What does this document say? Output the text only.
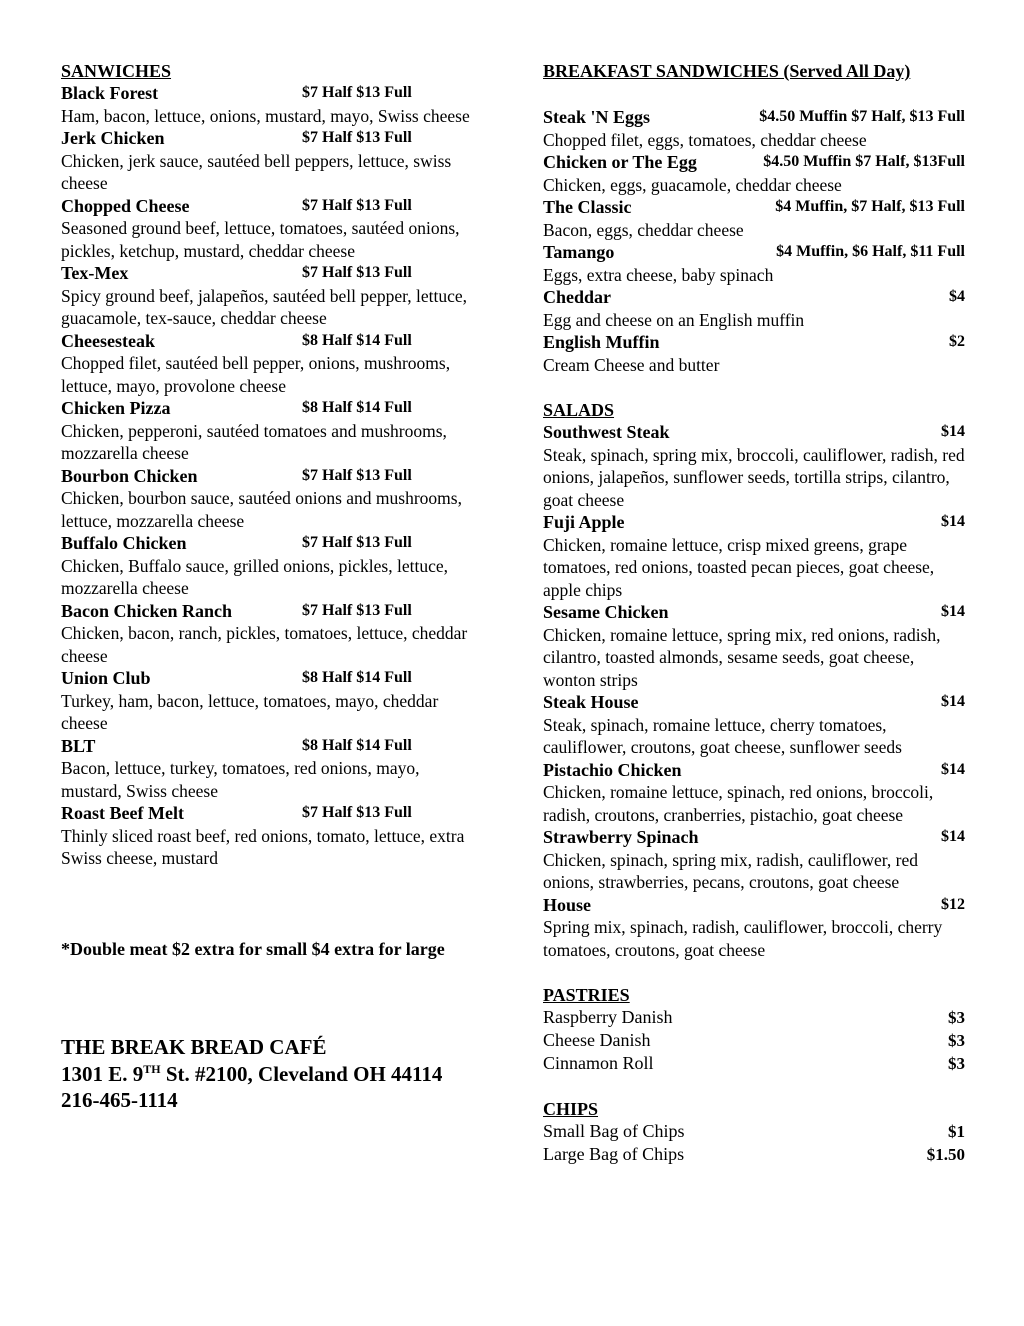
SANWICHES
Black Forest	$7 Half $13 Full
Ham, bacon, lettuce, onions, mustard, mayo, Swiss cheese
Jerk Chicken	$7 Half $13 Full
Chicken, jerk sauce, sautéed bell peppers, lettuce, swiss cheese
Chopped Cheese	$7 Half $13 Full
Seasoned ground beef, lettuce, tomatoes, sautéed onions, pickles, ketchup, mustard, cheddar cheese
Tex-Mex	$7 Half $13 Full
Spicy ground beef, jalapeños, sautéed bell pepper, lettuce, guacamole, tex-sauce, cheddar cheese
Cheesesteak	$8 Half $14 Full
Chopped filet, sautéed bell pepper, onions, mushrooms, lettuce, mayo, provolone cheese
Chicken Pizza	$8 Half $14 Full
Chicken, pepperoni, sautéed tomatoes and mushrooms, mozzarella cheese
Bourbon Chicken	$7 Half $13 Full
Chicken, bourbon sauce, sautéed onions and mushrooms, lettuce, mozzarella cheese
Buffalo Chicken	$7 Half $13 Full
Chicken, Buffalo sauce, grilled onions, pickles, lettuce, mozzarella cheese
Bacon Chicken Ranch	$7 Half $13 Full
Chicken, bacon, ranch, pickles, tomatoes, lettuce, cheddar cheese
Union Club	$8 Half $14 Full
Turkey, ham, bacon, lettuce, tomatoes, mayo, cheddar cheese
BLT	$8 Half $14 Full
Bacon, lettuce, turkey, tomatoes, red onions, mayo, mustard, Swiss cheese
Roast Beef Melt	$7 Half $13 Full
Thinly sliced roast beef, red onions, tomato, lettuce, extra Swiss cheese, mustard
*Double meat $2 extra for small $4 extra for large
THE BREAK BREAD CAFÉ
1301 E. 9TH St. #2100, Cleveland OH 44114
216-465-1114
BREAKFAST SANDWICHES (Served All Day)
Steak 'N Eggs	$4.50 Muffin $7 Half, $13 Full
Chopped filet, eggs, tomatoes, cheddar cheese
Chicken or The Egg	$4.50 Muffin $7 Half, $13Full
Chicken, eggs, guacamole, cheddar cheese
The Classic	$4 Muffin, $7 Half, $13 Full
Bacon, eggs, cheddar cheese
Tamango	$4 Muffin, $6 Half, $11 Full
Eggs, extra cheese, baby spinach
Cheddar	$4
Egg and cheese on an English muffin
English Muffin	$2
Cream Cheese and butter
SALADS
Southwest Steak	$14
Steak, spinach, spring mix, broccoli, cauliflower, radish, red onions, jalapeños, sunflower seeds, tortilla strips, cilantro, goat cheese
Fuji Apple	$14
Chicken, romaine lettuce, crisp mixed greens, grape tomatoes, red onions, toasted pecan pieces, goat cheese, apple chips
Sesame Chicken	$14
Chicken, romaine lettuce, spring mix, red onions, radish, cilantro, toasted almonds, sesame seeds, goat cheese, wonton strips
Steak House	$14
Steak, spinach, romaine lettuce, cherry tomatoes, cauliflower, croutons, goat cheese, sunflower seeds
Pistachio Chicken	$14
Chicken, romaine lettuce, spinach, red onions, broccoli, radish, croutons, cranberries, pistachio, goat cheese
Strawberry Spinach	$14
Chicken, spinach, spring mix, radish, cauliflower, red onions, strawberries, pecans, croutons, goat cheese
House	$12
Spring mix, spinach, radish, cauliflower, broccoli, cherry tomatoes, croutons, goat cheese
PASTRIES
Raspberry Danish	$3
Cheese Danish	$3
Cinnamon Roll	$3
CHIPS
Small Bag of Chips	$1
Large Bag of Chips	$1.50
